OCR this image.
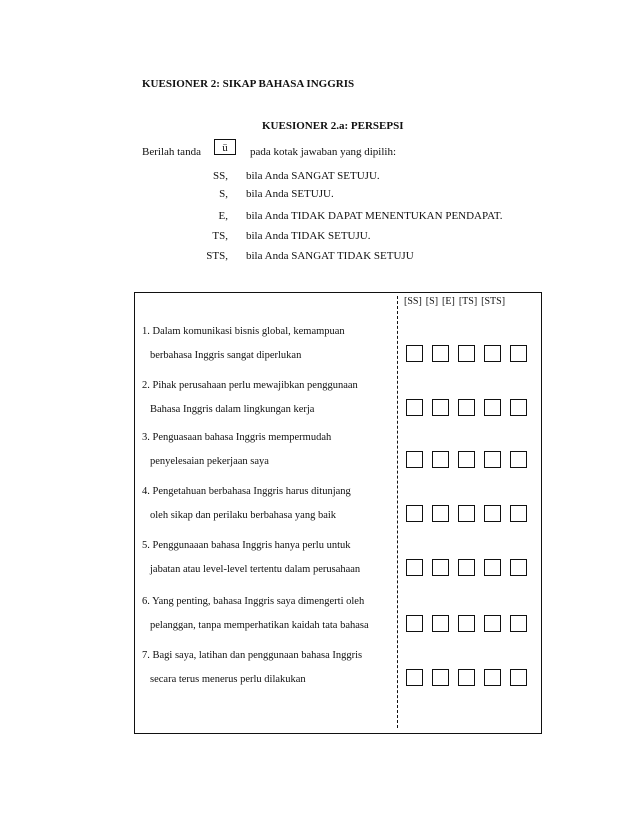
KUESIONER 2: SIKAP BAHASA INGGRIS
KUESIONER 2.a: PERSEPSI
Berilah tanda	ü	pada kotak jawaban yang dipilih:
SS, bila Anda SANGAT SETUJU.
S, bila Anda SETUJU.
E, bila Anda TIDAK DAPAT MENENTUKAN PENDAPAT.
TS, bila Anda TIDAK SETUJU.
STS, bila Anda SANGAT TIDAK SETUJU
[SS] [S] [E] [TS] [STS]
1. Dalam komunikasi bisnis global, kemampuan
berbahasa Inggris sangat diperlukan
2. Pihak perusahaan perlu mewajibkan penggunaan
Bahasa Inggris dalam lingkungan kerja
3. Penguasaan bahasa Inggris mempermudah
penyelesaian pekerjaan saya
4. Pengetahuan berbahasa Inggris harus ditunjang
oleh sikap dan perilaku berbahasa yang baik
5. Penggunaaan bahasa Inggris hanya perlu untuk
jabatan atau level-level tertentu dalam perusahaan
6. Yang penting, bahasa Inggris saya dimengerti oleh
pelanggan, tanpa memperhatikan kaidah tata bahasa
7. Bagi saya, latihan dan penggunaan bahasa Inggris
secara terus menerus perlu dilakukan
